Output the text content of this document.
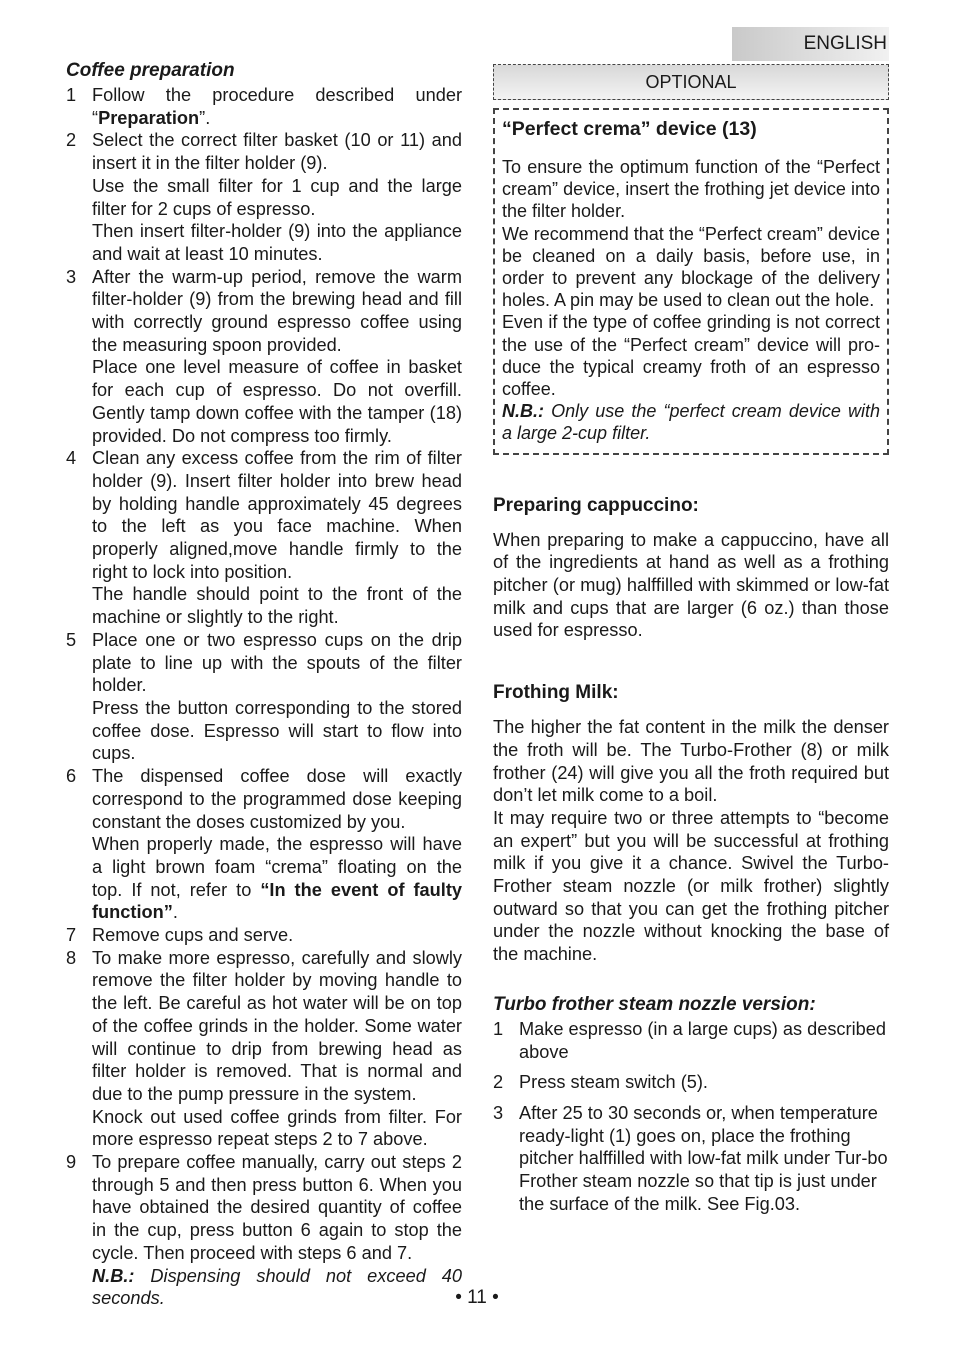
ENGLISH
Coffee preparation
1 Follow the procedure described under “Preparation”.
2 Select the correct filter basket (10 or 11) and insert it in the filter holder (9).
Use the small filter for 1 cup and the large filter for 2 cups of espresso.
Then insert filter-holder (9) into the appliance and wait at least 10 minutes.
3 After the warm-up period, remove the warm filter-holder (9) from the brewing head and fill with correctly ground espresso coffee using the measuring spoon provided.
Place one level measure of coffee in basket for each cup of espresso. Do not overfill. Gently tamp down coffee with the tamper (18) provided. Do not compress too firmly.
4 Clean any excess coffee from the rim of filter holder (9). Insert filter holder into brew head by holding handle approximately 45 degrees to the left as you face machine. When properly aligned,move handle firmly to the right to lock into position.
The handle should point to the front of the machine or slightly to the right.
5 Place one or two espresso cups on the drip plate to line up with the spouts of the filter holder.
Press the button corresponding to the stored coffee dose. Espresso will start to flow into cups.
6 The dispensed coffee dose will exactly correspond to the programmed dose keeping constant the doses customized by you.
When properly made, the espresso will have a light brown foam “crema” floating on the top. If not, refer to “In the event of faulty function”.
7 Remove cups and serve.
8 To make more espresso, carefully and slowly remove the filter holder by moving handle to the left. Be careful as hot water will be on top of the coffee grinds in the holder. Some water will continue to drip from brewing head as filter holder is removed. That is normal and due to the pump pressure in the system.
Knock out used coffee grinds from filter. For more espresso repeat steps 2 to 7 above.
9 To prepare coffee manually, carry out steps 2 through 5 and then press button 6. When you have obtained the desired quantity of coffee in the cup, press button 6 again to stop the cycle. Then proceed with steps 6 and 7.

N.B.: Dispensing should not exceed 40 seconds.

OPTIONAL
“Perfect crema” device (13)

To ensure the optimum function of the “Perfect cream” device, insert the frothing jet device into the filter holder.

We recommend that the “Perfect cream” device be cleaned on a daily basis, before use, in order to prevent any blockage of the delivery holes. A pin may be used to clean out the hole.

Even if the type of coffee grinding is not correct the use of the “Perfect cream” device will pro-duce the typical creamy froth of an espresso coffee.

N.B.: Only use the “perfect cream device with a large 2-cup filter.

Preparing cappuccino:

When preparing to make a cappuccino, have all of the ingredients at hand as well as a frothing pitcher (or mug) halffilled with skimmed or low-fat milk and cups that are larger (6 oz.) than those used for espresso.

Frothing Milk:

The higher the fat content in the milk the denser the froth will be. The Turbo-Frother (8) or milk frother (24) will give you all the froth required but don’t let milk come to a boil.

It may require two or three attempts to “become an expert” but you will be successful at frothing milk if you give it a chance. Swivel the Turbo-Frother steam nozzle (or milk frother) slightly outward so that you can get the frothing pitcher under the nozzle without knocking the base of the machine.

Turbo frother steam nozzle version:
1 Make espresso (in a large cups) as described above
2 Press steam switch (5).
3 After 25 to 30 seconds or, when temperature ready-light (1) goes on, place the frothing pitcher halffilled with low-fat milk under Tur-bo Frother steam nozzle so that tip is just under the surface of the milk. See Fig.03.
• 11 •
